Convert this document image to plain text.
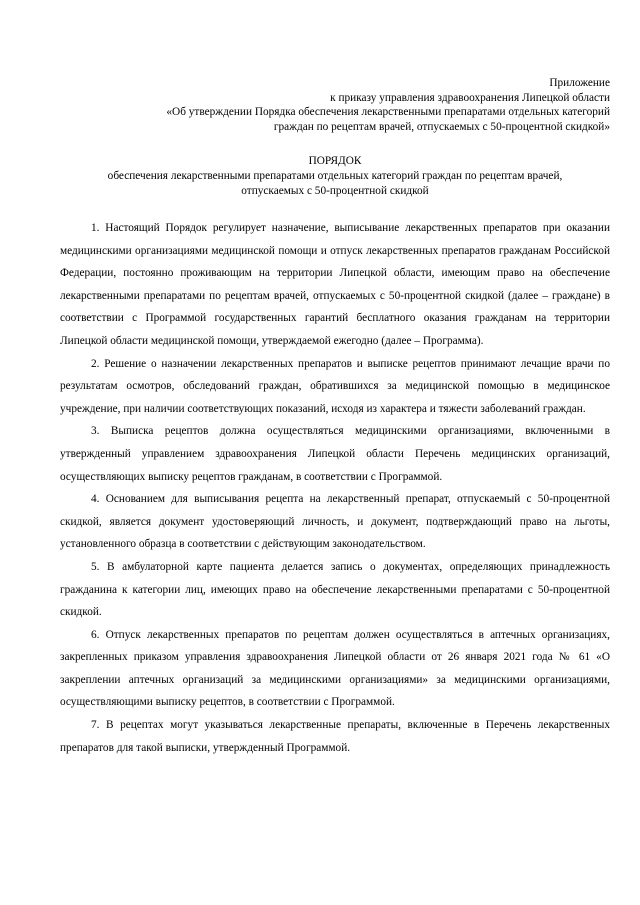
Приложение
к приказу управления здравоохранения Липецкой области
«Об утверждении Порядка обеспечения лекарственными препаратами отдельных категорий
граждан по рецептам врачей, отпускаемых с 50-процентной скидкой»
ПОРЯДОК
обеспечения лекарственными препаратами отдельных категорий граждан по рецептам врачей,
отпускаемых с 50-процентной скидкой

1. Настоящий Порядок регулирует назначение, выписывание лекарственных препаратов при оказании медицинскими организациями медицинской помощи и отпуск лекарственных препаратов гражданам Российской Федерации, постоянно проживающим на территории Липецкой области, имеющим право на обеспечение лекарственными препаратами по рецептам врачей, отпускаемых с 50-процентной скидкой (далее – граждане) в соответствии с Программой государственных гарантий бесплатного оказания гражданам на территории Липецкой области медицинской помощи, утверждаемой ежегодно (далее – Программа).

2. Решение о назначении лекарственных препаратов и выписке рецептов принимают лечащие врачи по результатам осмотров, обследований граждан, обратившихся за медицинской помощью в медицинское учреждение, при наличии соответствующих показаний, исходя из характера и тяжести заболеваний граждан.

3. Выписка рецептов должна осуществляться медицинскими организациями, включенными в утвержденный управлением здравоохранения Липецкой области Перечень медицинских организаций, осуществляющих выписку рецептов гражданам, в соответствии с Программой.

4. Основанием для выписывания рецепта на лекарственный препарат, отпускаемый с 50-процентной скидкой, является документ удостоверяющий личность, и документ, подтверждающий право на льготы, установленного образца в соответствии с действующим законодательством.

5. В амбулаторной карте пациента делается запись о документах, определяющих принадлежность гражданина к категории лиц, имеющих право на обеспечение лекарственными препаратами с 50-процентной скидкой.

6. Отпуск лекарственных препаратов по рецептам должен осуществляться в аптечных организациях, закрепленных приказом управления здравоохранения Липецкой области от 26 января 2021 года № 61 «О закреплении аптечных организаций за медицинскими организациями» за медицинскими организациями, осуществляющими выписку рецептов, в соответствии с Программой.

7. В рецептах могут указываться лекарственные препараты, включенные в Перечень лекарственных препаратов для такой выписки, утвержденный Программой.
